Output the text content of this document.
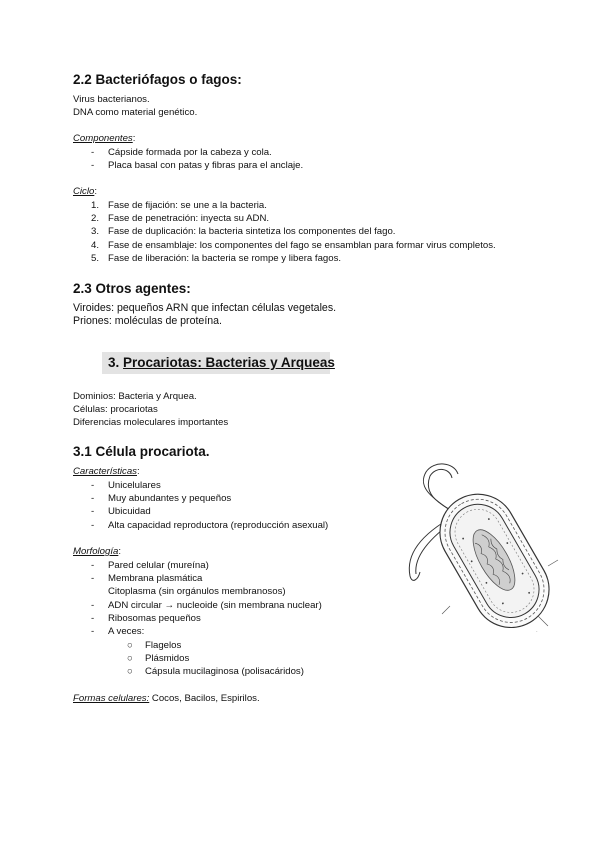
2.2 Bacteriófagos o fagos:
Virus bacterianos.
DNA como material genético.
Componentes:
- Cápside formada por la cabeza y cola.
- Placa basal con patas y fibras para el anclaje.
Ciclo:
1. Fase de fijación: se une a la bacteria.
2. Fase de penetración: inyecta su ADN.
3. Fase de duplicación: la bacteria sintetiza los componentes del fago.
4. Fase de ensamblaje: los componentes del fago se ensamblan para formar virus completos.
5. Fase de liberación: la bacteria se rompe y libera fagos.
2.3 Otros agentes:
Viroides: pequeños ARN que infectan células vegetales.
Priones: moléculas de proteína.
3. Procariotas: Bacterias y Arqueas
Dominios: Bacteria y Arquea.
Células: procariotas
Diferencias moleculares importantes
3.1 Célula procariota.
Características:
- Unicelulares
- Muy abundantes y pequeños
- Ubicuidad
- Alta capacidad reproductora (reproducción asexual)
Morfología:
- Pared celular (mureína)
- Membrana plasmática
Citoplasma (sin orgánulos membranosos)
- ADN circular → nucleoide (sin membrana nuclear)
- Ribosomas pequeños
- A veces:
○ Flagelos
○ Plásmidos
○ Cápsula mucilaginosa (polisacáridos)
Formas celulares: Cocos, Bacilos, Espirilos.
.
